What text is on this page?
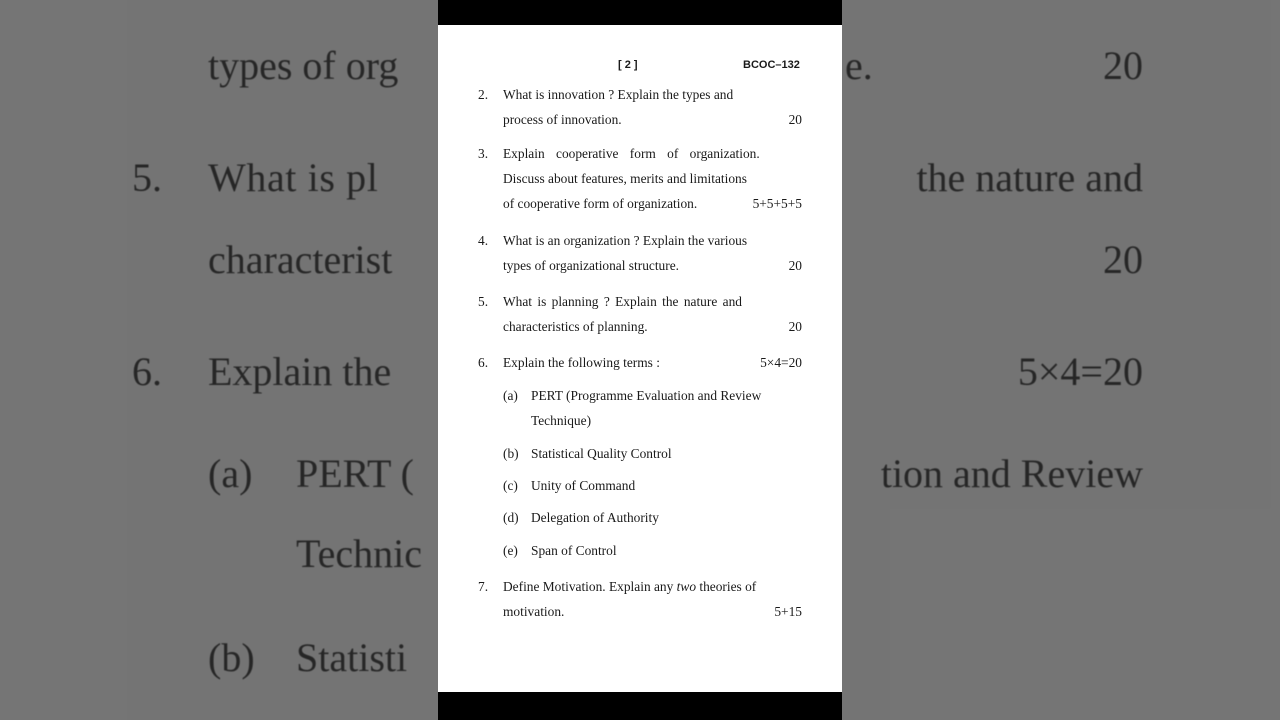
types of org	e.	20
5. What is pl	the nature and
characterist	20
6. Explain the	5×4=20
(a) PERT (	tion and Review
Technic
(b) Statisti
[ 2 ]	BCOC–132
2. What is innovation ? Explain the types and
process of innovation.	20
3. Explain cooperative form of organization.
Discuss about features, merits and limitations
of cooperative form of organization.	5+5+5+5
4. What is an organization ? Explain the various
types of organizational structure.	20
5. What is planning ? Explain the nature and
characteristics of planning.	20
6. Explain the following terms :	5×4=20
(a) PERT (Programme Evaluation and Review
Technique)
(b) Statistical Quality Control
(c) Unity of Command
(d) Delegation of Authority
(e) Span of Control
7. Define Motivation. Explain any two theories of
motivation.	5+15
